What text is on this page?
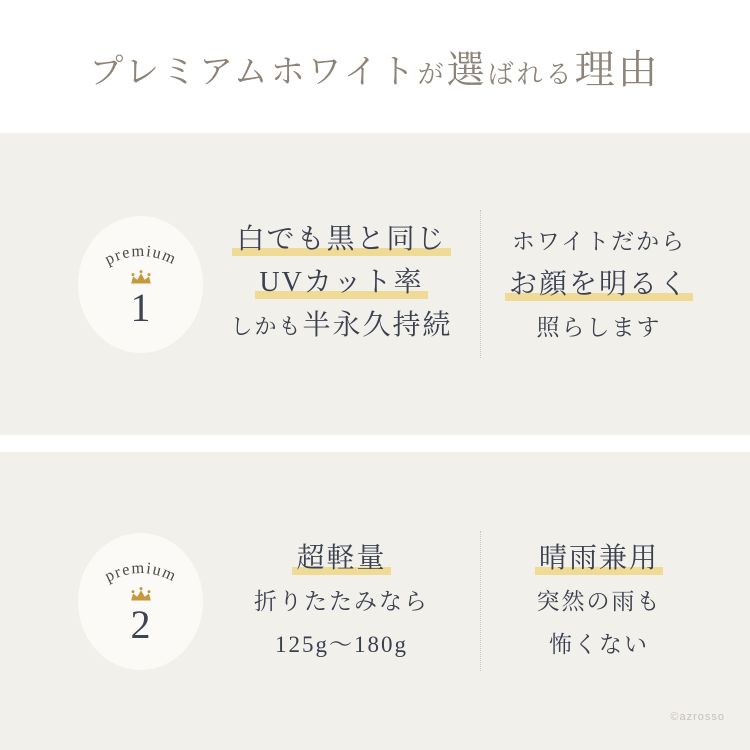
プレミアムホワイトが選ばれる理由
premium
1
白でも黒と同じ
UVカット率
しかも半永久持続
ホワイトだから
お顔を明るく
照らします
premium
2
超軽量
折りたたみなら
125g〜180g
晴雨兼用
突然の雨も
怖くない
©azrosso
